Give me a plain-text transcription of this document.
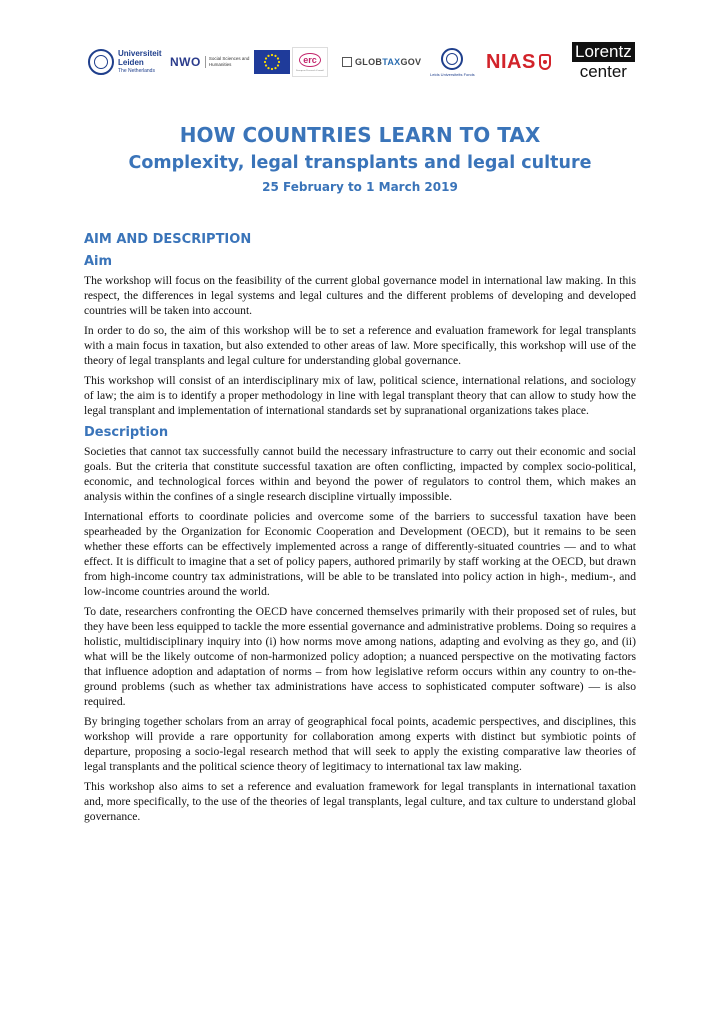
Universiteit
Leiden
The Netherlands
NWO	Social Sciences and Humanities	erc
European Research Council
GLOBTAXGOV
Leids Universiteits Fonds
NIAS Lorentz
center
HOW COUNTRIES LEARN TO TAX
Complexity, legal transplants and legal culture
25 February to 1 March 2019
AIM AND DESCRIPTION
Aim

The workshop will focus on the feasibility of the current global governance model in international law making. In this respect, the differences in legal systems and legal cultures and the different problems of developing and developed countries will be taken into account.

In order to do so, the aim of this workshop will be to set a reference and evaluation framework for legal transplants with a main focus in taxation, but also extended to other areas of law. More specifically, this workshop will use of the theory of legal transplants and legal culture for understanding global governance.

This workshop will consist of an interdisciplinary mix of law, political science, international relations, and sociology of law; the aim is to identify a proper methodology in line with legal transplant theory that can allow to study how the legal transplant and implementation of international standards set by supranational organizations takes place.

Description

Societies that cannot tax successfully cannot build the necessary infrastructure to carry out their economic and social goals. But the criteria that constitute successful taxation are often conflicting, impacted by complex socio-political, economic, and technological forces within and beyond the power of regulators to control them, which makes an analysis within the confines of a single research discipline virtually impossible.

International efforts to coordinate policies and overcome some of the barriers to successful taxation have been spearheaded by the Organization for Economic Cooperation and Development (OECD), but it remains to be seen whether these efforts can be effectively implemented across a range of differently-situated countries — and to what effect. It is difficult to imagine that a set of policy papers, authored primarily by staff working at the OECD, but drawn from high-income country tax administrations, will be able to be translated into policy action in high-, medium-, and low-income countries around the world.

To date, researchers confronting the OECD have concerned themselves primarily with their proposed set of rules, but they have been less equipped to tackle the more essential governance and administrative problems. Doing so requires a holistic, multidisciplinary inquiry into (i) how norms move among nations, adapting and evolving as they go, and (ii) what will be the likely outcome of non-harmonized policy adoption; a nuanced perspective on the motivating factors that influence adoption and adaptation of norms – from how legislative reform occurs within any country to on-the-ground problems (such as whether tax administrations have access to sophisticated computer software) — is also required.

By bringing together scholars from an array of geographical focal points, academic perspectives, and disciplines, this workshop will provide a rare opportunity for collaboration among experts with distinct but symbiotic points of departure, proposing a socio-legal research method that will seek to apply the existing comparative law theories of legal transplants and the political science theory of legitimacy to international tax law making.

This workshop also aims to set a reference and evaluation framework for legal transplants in international taxation and, more specifically, to the use of the theories of legal transplants, legal culture, and tax culture to understand global governance.
